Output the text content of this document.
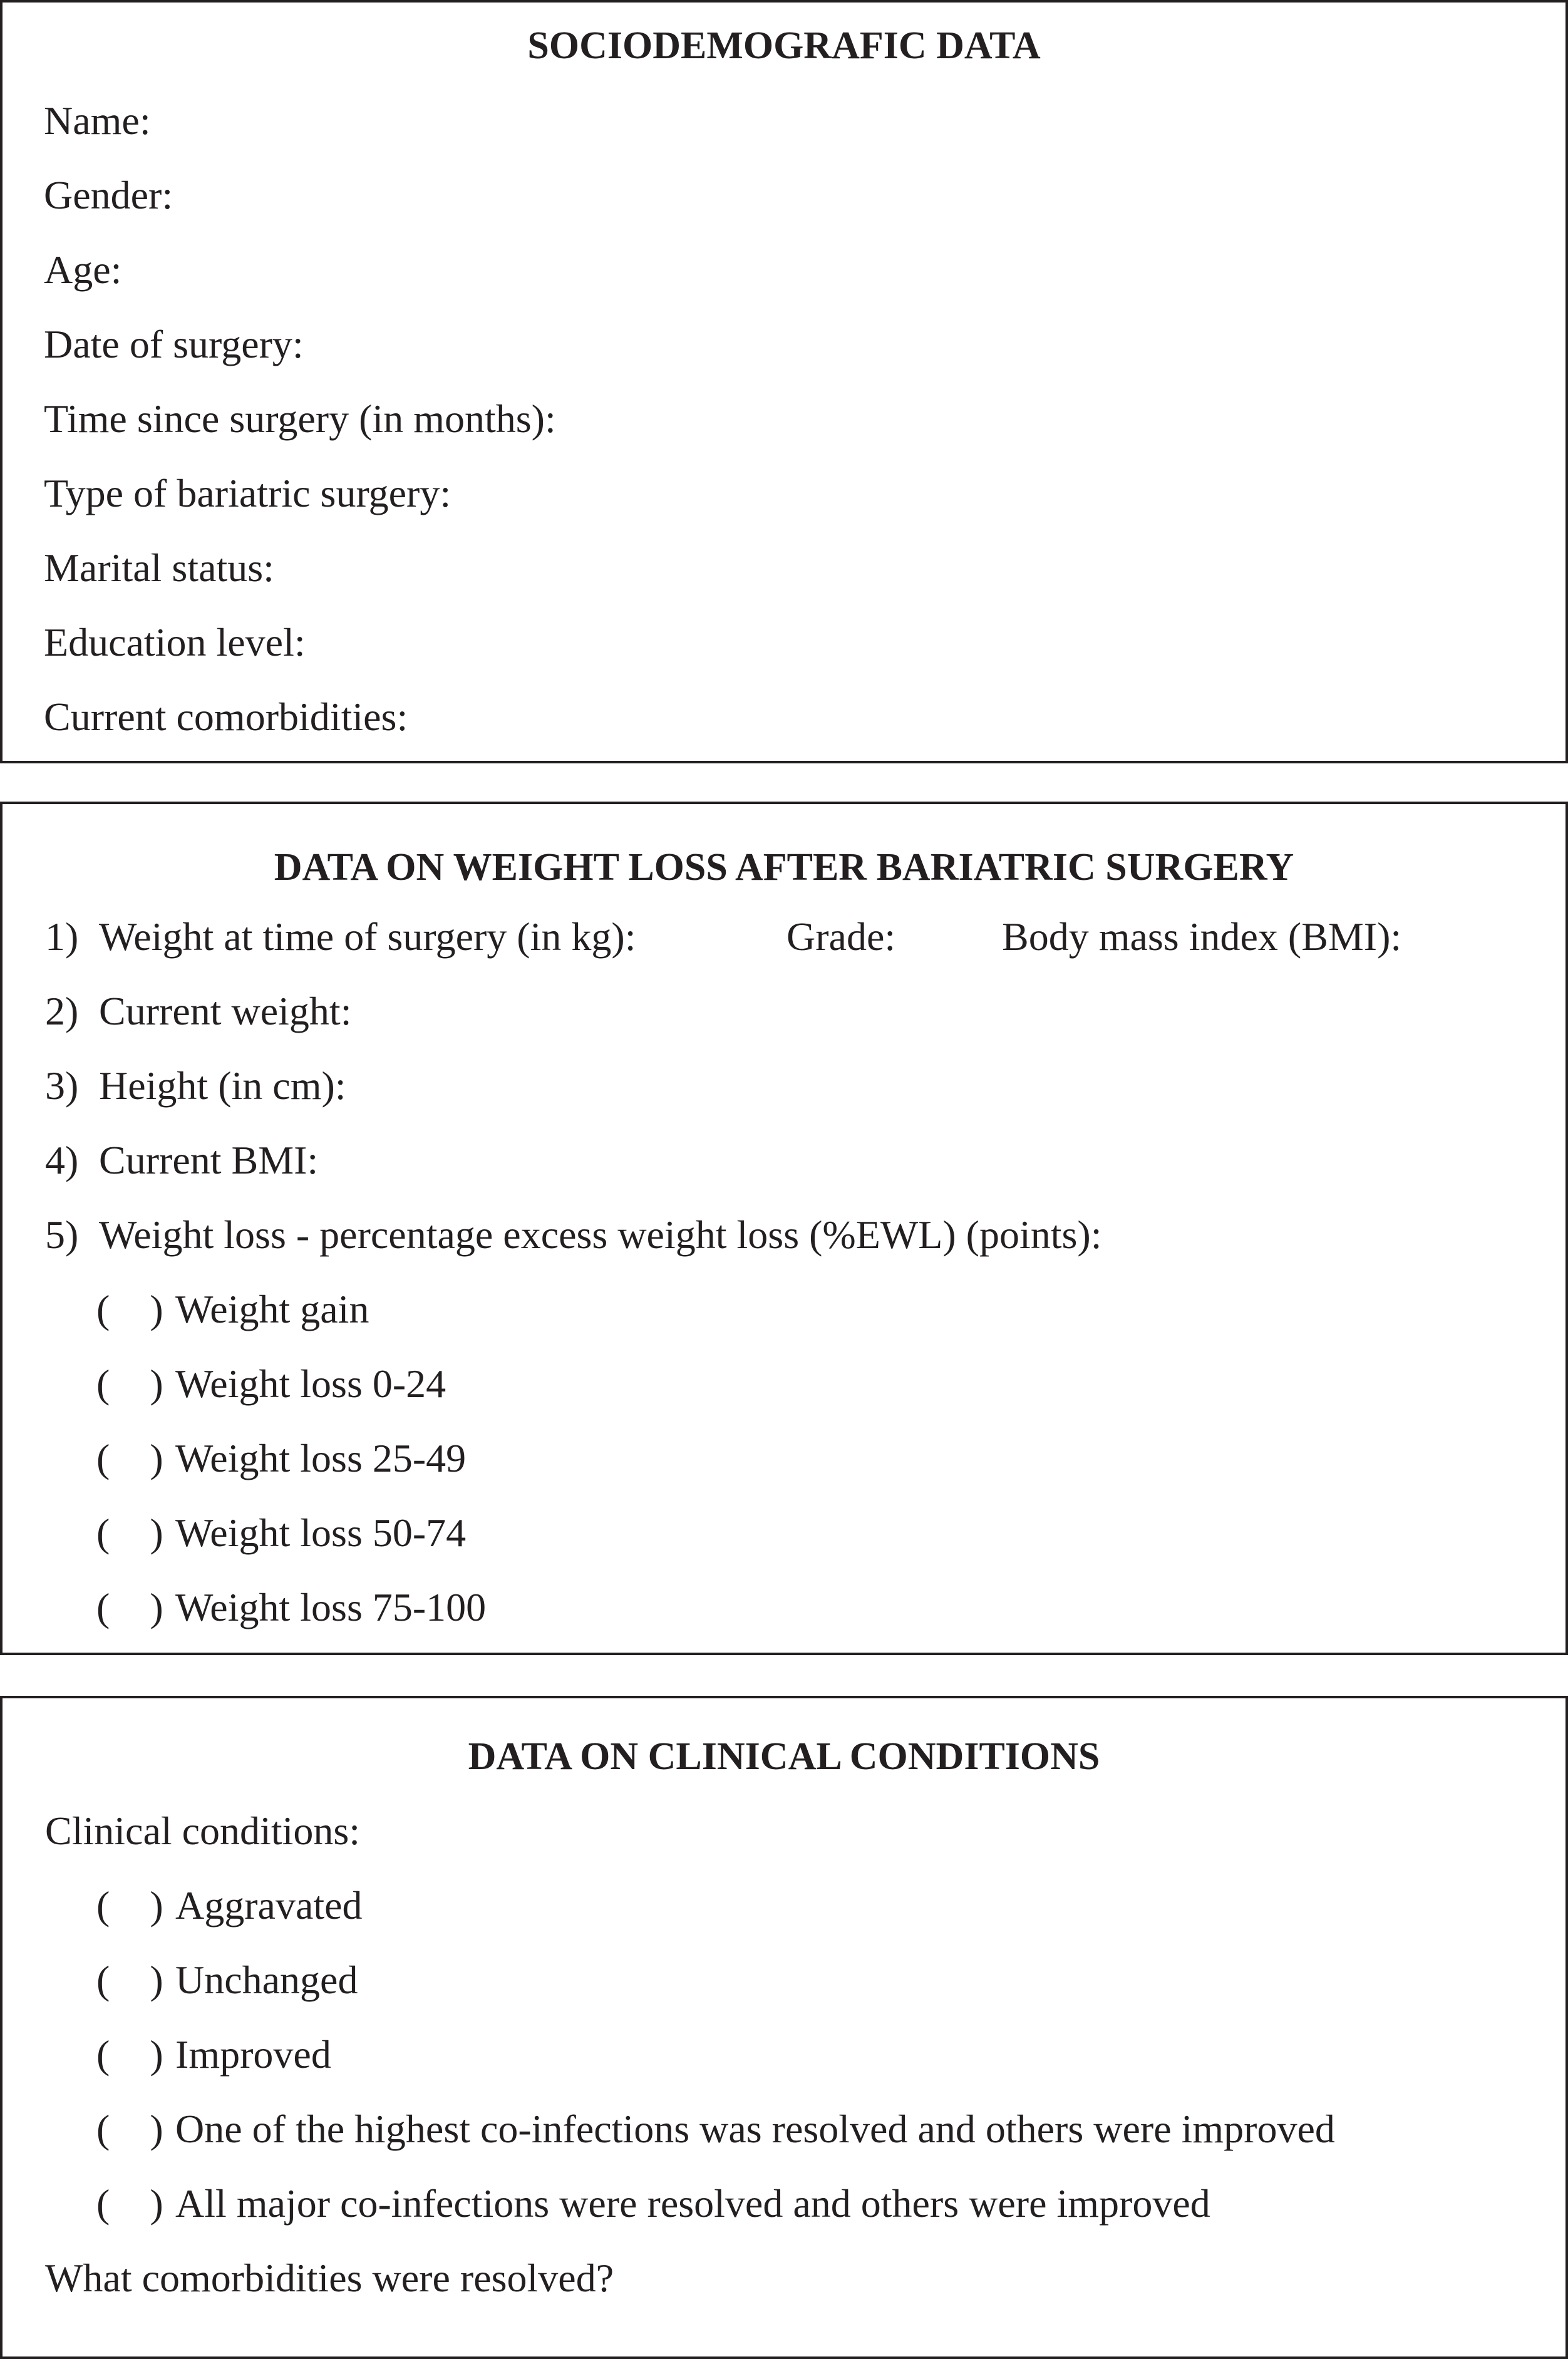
SOCIODEMOGRAFIC DATA
Name:
Gender:
Age:
Date of surgery:
Time since surgery (in months):
Type of bariatric surgery:
Marital status:
Education level:
Current comorbidities:
DATA ON WEIGHT LOSS AFTER BARIATRIC SURGERY
1) Weight at time of surgery (in kg):	Grade:	Body mass index (BMI):
2) Current weight:
3) Height (in cm):
4) Current BMI:
5) Weight loss - percentage excess weight loss (%EWL) (points):
(    ) Weight gain
(    ) Weight loss 0-24
(    ) Weight loss 25-49
(    ) Weight loss 50-74
(    ) Weight loss 75-100
DATA ON CLINICAL CONDITIONS
Clinical conditions:
(    ) Aggravated
(    ) Unchanged
(    ) Improved
(    ) One of the highest co-infections was resolved and others were improved
(    ) All major co-infections were resolved and others were improved
What comorbidities were resolved?
